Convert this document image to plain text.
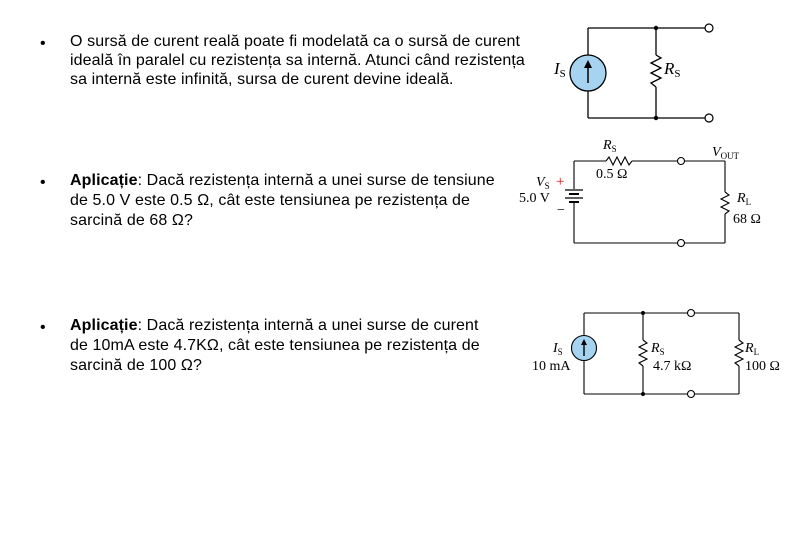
• O sursă de curent reală poate fi modelată ca o sursă de curent ideală în paralel cu rezistența sa internă. Atunci când rezistența sa internă este infinită, sursa de curent devine ideală.
• Aplicație: Dacă rezistența internă a unei surse de tensiune de 5.0 V este 0.5 Ω, cât este tensiunea pe rezistența de sarcină de 68 Ω?
• Aplicație: Dacă rezistența internă a unei surse de curent de 10mA este 4.7KΩ, cât este tensiunea pe rezistența de sarcină de 100 Ω?
IS	RS
$R_S$
0.5 Ω
$V_{OUT}$
$V_S$
5.0 V
+
−
$R_L$
68 Ω
$I_S$
10 mA
$R_S$
4.7 kΩ
$R_L$
100 Ω
